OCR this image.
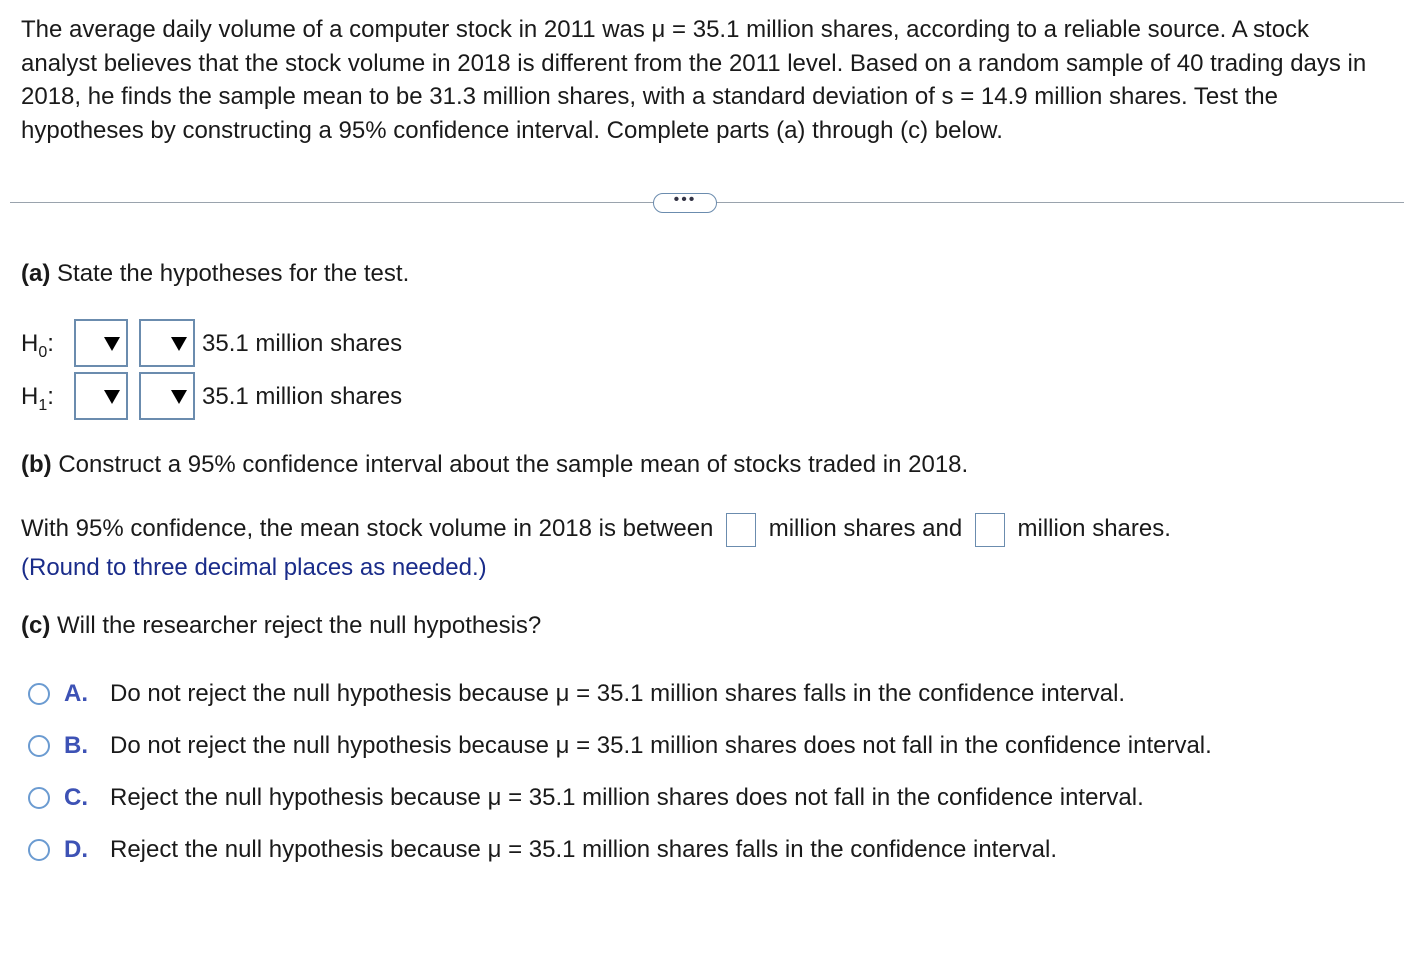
The average daily volume of a computer stock in 2011 was μ = 35.1 million shares, according to a reliable source. A stock analyst believes that the stock volume in 2018 is different from the 2011 level. Based on a random sample of 40 trading days in 2018, he finds the sample mean to be 31.3 million shares, with a standard deviation of s = 14.9 million shares. Test the hypotheses by constructing a 95% confidence interval. Complete parts (a) through (c) below.
•••
(a) State the hypotheses for the test.
$H_0$:	35.1 million shares
$H_1$:	35.1 million shares
(b) Construct a 95% confidence interval about the sample mean of stocks traded in 2018.
With 95% confidence, the mean stock volume in 2018 is between million shares and million shares.
(Round to three decimal places as needed.)
(c) Will the researcher reject the null hypothesis?
A. Do not reject the null hypothesis because μ = 35.1 million shares falls in the confidence interval.
B. Do not reject the null hypothesis because μ = 35.1 million shares does not fall in the confidence interval.
C. Reject the null hypothesis because μ = 35.1 million shares does not fall in the confidence interval.
D. Reject the null hypothesis because μ = 35.1 million shares falls in the confidence interval.
